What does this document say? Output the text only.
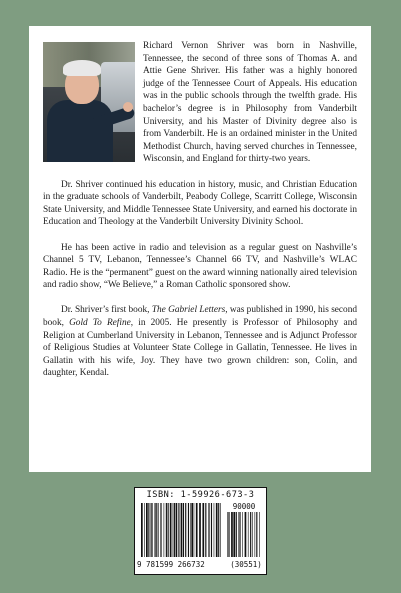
Richard Vernon Shriver was born in Nashville, Tennessee, the second of three sons of Thomas A. and Attie Gene Shriver. His father was a highly honored judge of the Tennessee Court of Appeals. His education was in the public schools through the twelfth grade. His bachelor’s degree is in Philosophy from Vanderbilt University, and his Master of Divinity degree also is from Vanderbilt. He is an ordained minister in the United Methodist Church, having served churches in Tennessee, Wisconsin, and England for thirty-two years.

Dr. Shriver continued his education in history, music, and Christian Education in the graduate schools of Vanderbilt, Peabody College, Scarritt College, Wisconsin State University, and Middle Tennessee State University, and earned his doctorate in Education and Theology at the Vanderbilt University Divinity School.

He has been active in radio and television as a regular guest on Nashville’s Channel 5 TV, Lebanon, Tennessee’s Channel 66 TV, and Nashville’s WLAC Radio. He is the “permanent” guest on the award winning nationally aired television and radio show, “We Believe,” a Roman Catholic sponsored show.

Dr. Shriver’s first book, The Gabriel Letters, was published in 1990, his second book, Gold To Refine, in 2005. He presently is Professor of Philosophy and Religion at Cumberland University in Lebanon, Tennessee and is Adjunct Professor of Religious Studies at Volunteer State College in Gallatin, Tennessee. He lives in Gallatin with his wife, Joy. They have two grown children: son, Colin, and daughter, Kendal.

ISBN: 1-59926-673-3
90000
9 781599 266732	(30551)
